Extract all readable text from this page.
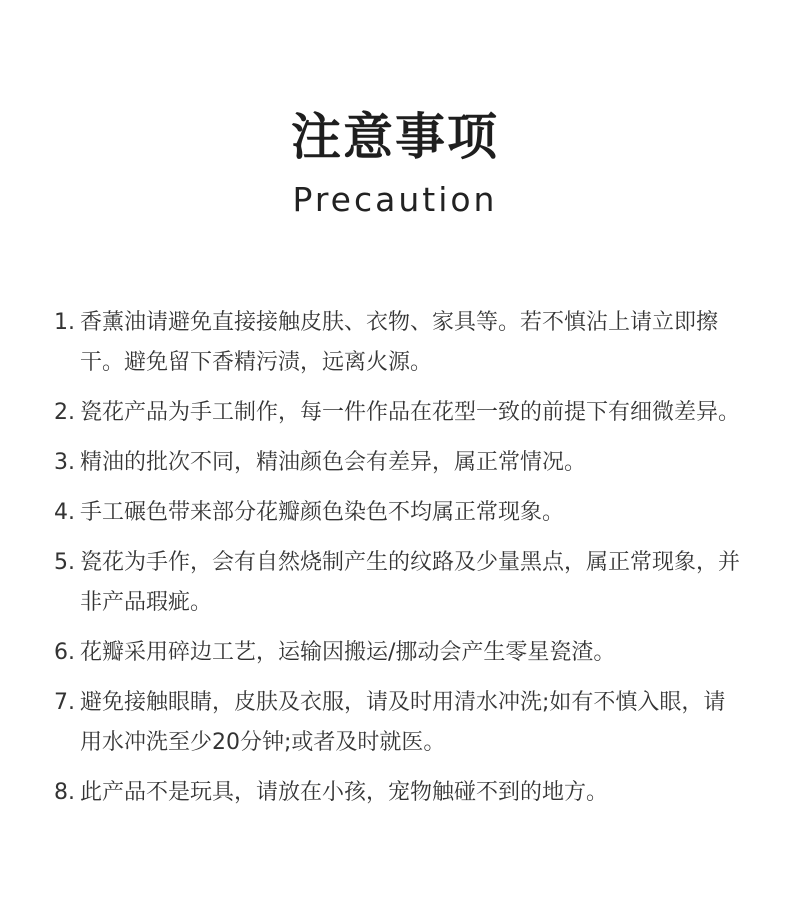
注意事项
Precaution
1. 香薰油请避免直接接触皮肤、衣物、家具等。若不慎沾上请立即擦干。避免留下香精污渍，远离火源。
2. 瓷花产品为手工制作，每一件作品在花型一致的前提下有细微差异。
3. 精油的批次不同，精油颜色会有差异，属正常情况。
4. 手工碾色带来部分花瓣颜色染色不均属正常现象。
5. 瓷花为手作，会有自然烧制产生的纹路及少量黑点，属正常现象，并非产品瑕疵。
6. 花瓣采用碎边工艺，运输因搬运/挪动会产生零星瓷渣。
7. 避免接触眼睛，皮肤及衣服，请及时用清水冲洗;如有不慎入眼，请用水冲洗至少20分钟;或者及时就医。
8. 此产品不是玩具，请放在小孩，宠物触碰不到的地方。
